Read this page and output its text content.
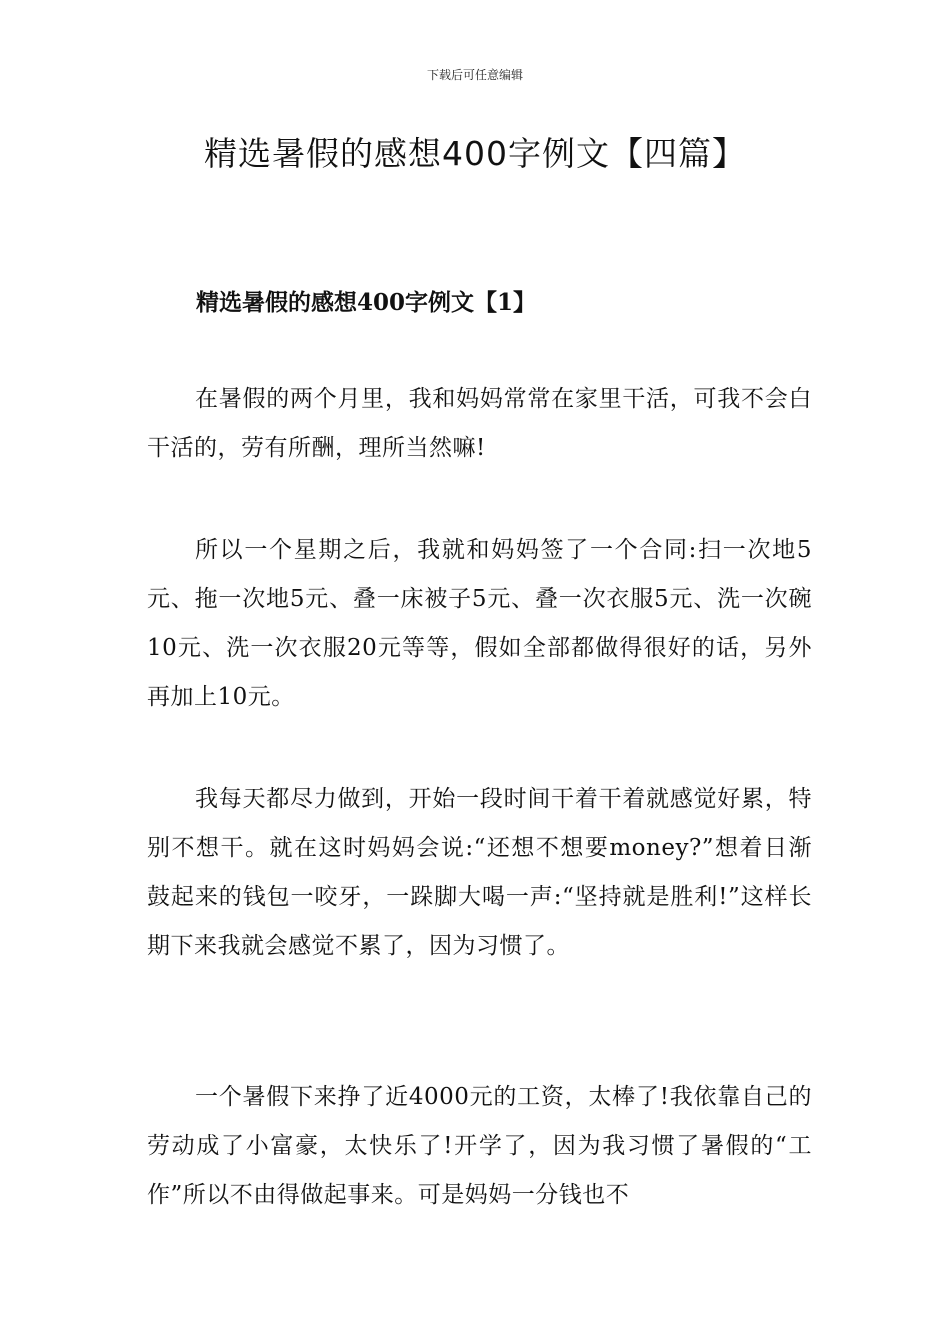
下载后可任意编辑
精选暑假的感想400字例文【四篇】
精选暑假的感想400字例文【1】

在暑假的两个月里，我和妈妈常常在家里干活，可我不会白干活的，劳有所酬，理所当然嘛!

所以一个星期之后，我就和妈妈签了一个合同:扫一次地5元、拖一次地5元、叠一床被子5元、叠一次衣服5元、洗一次碗10元、洗一次衣服20元等等，假如全部都做得很好的话，另外再加上10元。

我每天都尽力做到，开始一段时间干着干着就感觉好累，特别不想干。就在这时妈妈会说:“还想不想要money?”想着日渐鼓起来的钱包一咬牙，一跺脚大喝一声:“坚持就是胜利!”这样长期下来我就会感觉不累了，因为习惯了。

一个暑假下来挣了近4000元的工资，太棒了!我依靠自己的劳动成了小富豪，太快乐了!开学了，因为我习惯了暑假的“工作”所以不由得做起事来。可是妈妈一分钱也不
